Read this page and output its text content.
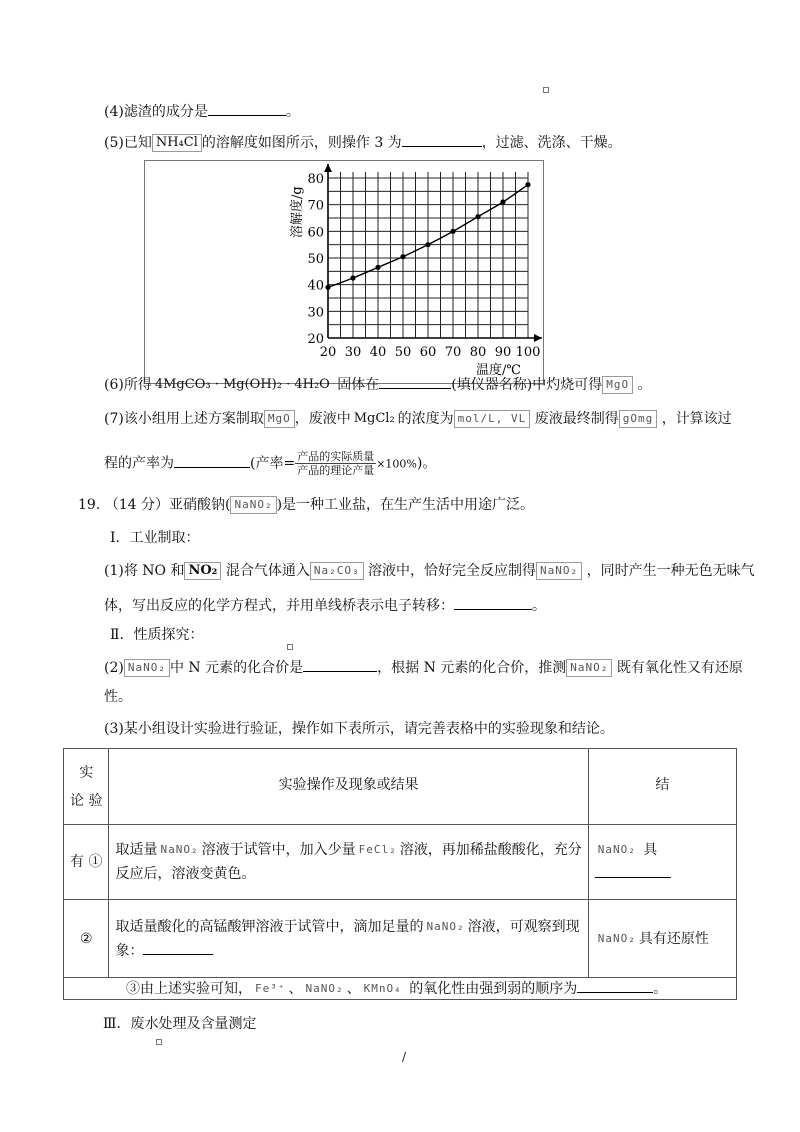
(4)滤渣的成分是	。
(5)已知 NH₄Cl 的溶解度如图所示，则操作 3 为	，过滤、洗涤、干燥。
20 30 40 50 60 70 80 90 100
20
30
40
50
60
70
80
温度/℃
溶解度/g
(6)所得 4MgCO₃ · Mg(OH)₂ · 4H₂O 固体在	(填仪器名称)中灼烧可得 MgO 。
(7)该小组用上述方案制取 MgO ，废液中 MgCl₂ 的浓度为 mol/L, VL 废液最终制得 gOmg ，计算该过
程的产率为	(产率= $\frac{\text{产品的实际质量}}{\text{产品的理论产量}} \times 100\%$)。
19. （14 分）亚硝酸钠( NaNO₂ )是一种工业盐，在生产生活中用途广泛。
Ⅰ．工业制取：
(1)将 NO 和 NO₂ 混合气体通入 Na₂CO₃ 溶液中，恰好完全反应制得 NaNO₂ ，同时产生一种无色无味气
体，写出反应的化学方程式，并用单线桥表示电子转移：	。
Ⅱ．性质探究：
(2) NaNO₂ 中 N 元素的化合价是	，根据 N 元素的化合价，推测 NaNO₂ 既有氧化性又有还原
性。
(3)某小组设计实验进行验证，操作如下表所示，请完善表格中的实验现象和结论。
实
论 验	实验操作及现象或结果	结
有 ①	取适量 NaNO₂ 溶液于试管中，加入少量 FeCl₂ 溶液，再加稀盐酸酸化，充分
反应后，溶液变黄色。	NaNO₂ 具

②	取适量酸化的高锰酸钾溶液于试管中，滴加足量的 NaNO₂ 溶液，可观察到现
象：	NaNO₂ 具有还原性
③由上述实验可知， Fe³⁺ 、 NaNO₂ 、 KMnO₄ 的氧化性由强到弱的顺序为 。		
Ⅲ．废水处理及含量测定
/
